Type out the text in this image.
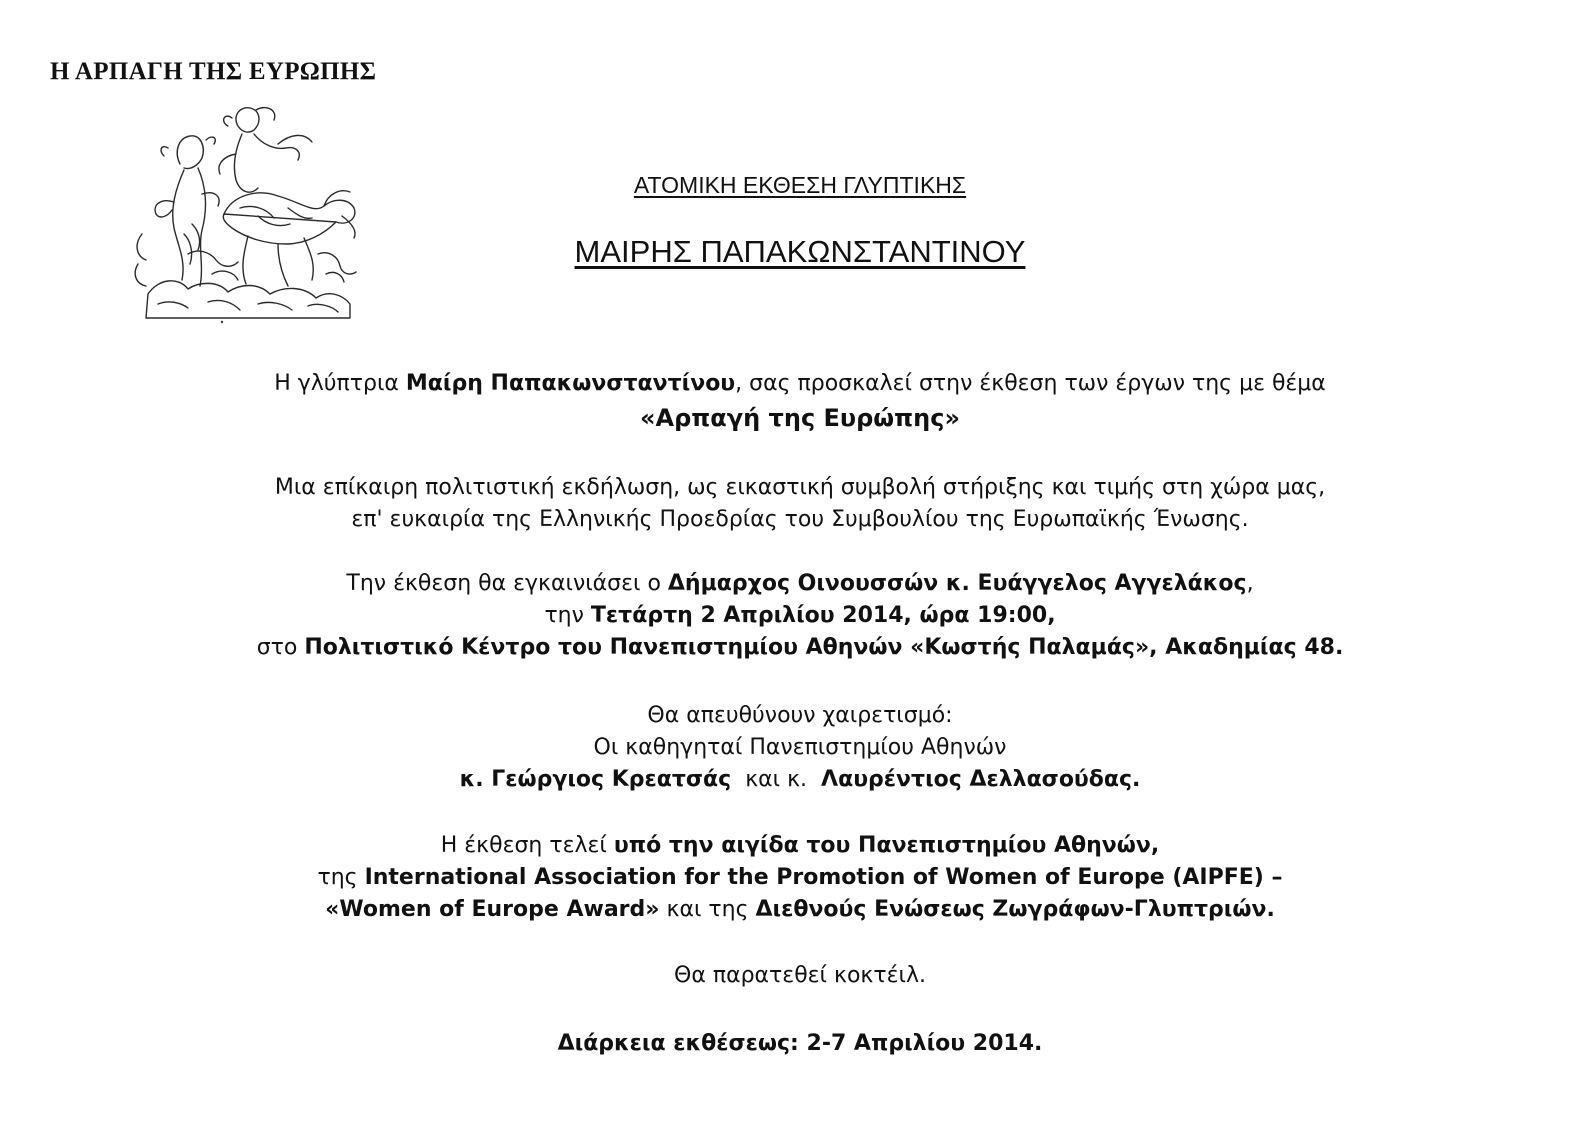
Η ΑΡΠΑΓΗ ΤΗΣ ΕΥΡΩΠΗΣ
ΑΤΟΜΙΚΗ ΕΚΘΕΣΗ ΓΛΥΠΤΙΚΗΣ
ΜΑΙΡΗΣ ΠΑΠΑΚΩΝΣΤΑΝΤΙΝΟΥ
Η γλύπτρια Μαίρη Παπακωνσταντίνου, σας προσκαλεί στην έκθεση των έργων της με θέμα
«Αρπαγή της Ευρώπης»
Μια επίκαιρη πολιτιστική εκδήλωση, ως εικαστική συμβολή στήριξης και τιμής στη χώρα μας,
επ' ευκαιρία της Ελληνικής Προεδρίας του Συμβουλίου της Ευρωπαϊκής Ένωσης.
Την έκθεση θα εγκαινιάσει ο Δήμαρχος Οινουσσών κ. Ευάγγελος Αγγελάκος,
την Τετάρτη 2 Απριλίου 2014, ώρα 19:00,
στο Πολιτιστικό Κέντρο του Πανεπιστημίου Αθηνών «Κωστής Παλαμάς», Ακαδημίας 48.
Θα απευθύνουν χαιρετισμό:
Οι καθηγηταί Πανεπιστημίου Αθηνών
κ. Γεώργιος Κρεατσάς  και κ.  Λαυρέντιος Δελλασούδας.
Η έκθεση τελεί υπό την αιγίδα του Πανεπιστημίου Αθηνών,
της International Association for the Promotion of Women of Europe (AIPFE) –
«Women of Europe Award» και της Διεθνούς Ενώσεως Ζωγράφων-Γλυπτριών.
Θα παρατεθεί κοκτέιλ.
Διάρκεια εκθέσεως: 2-7 Απριλίου 2014.
